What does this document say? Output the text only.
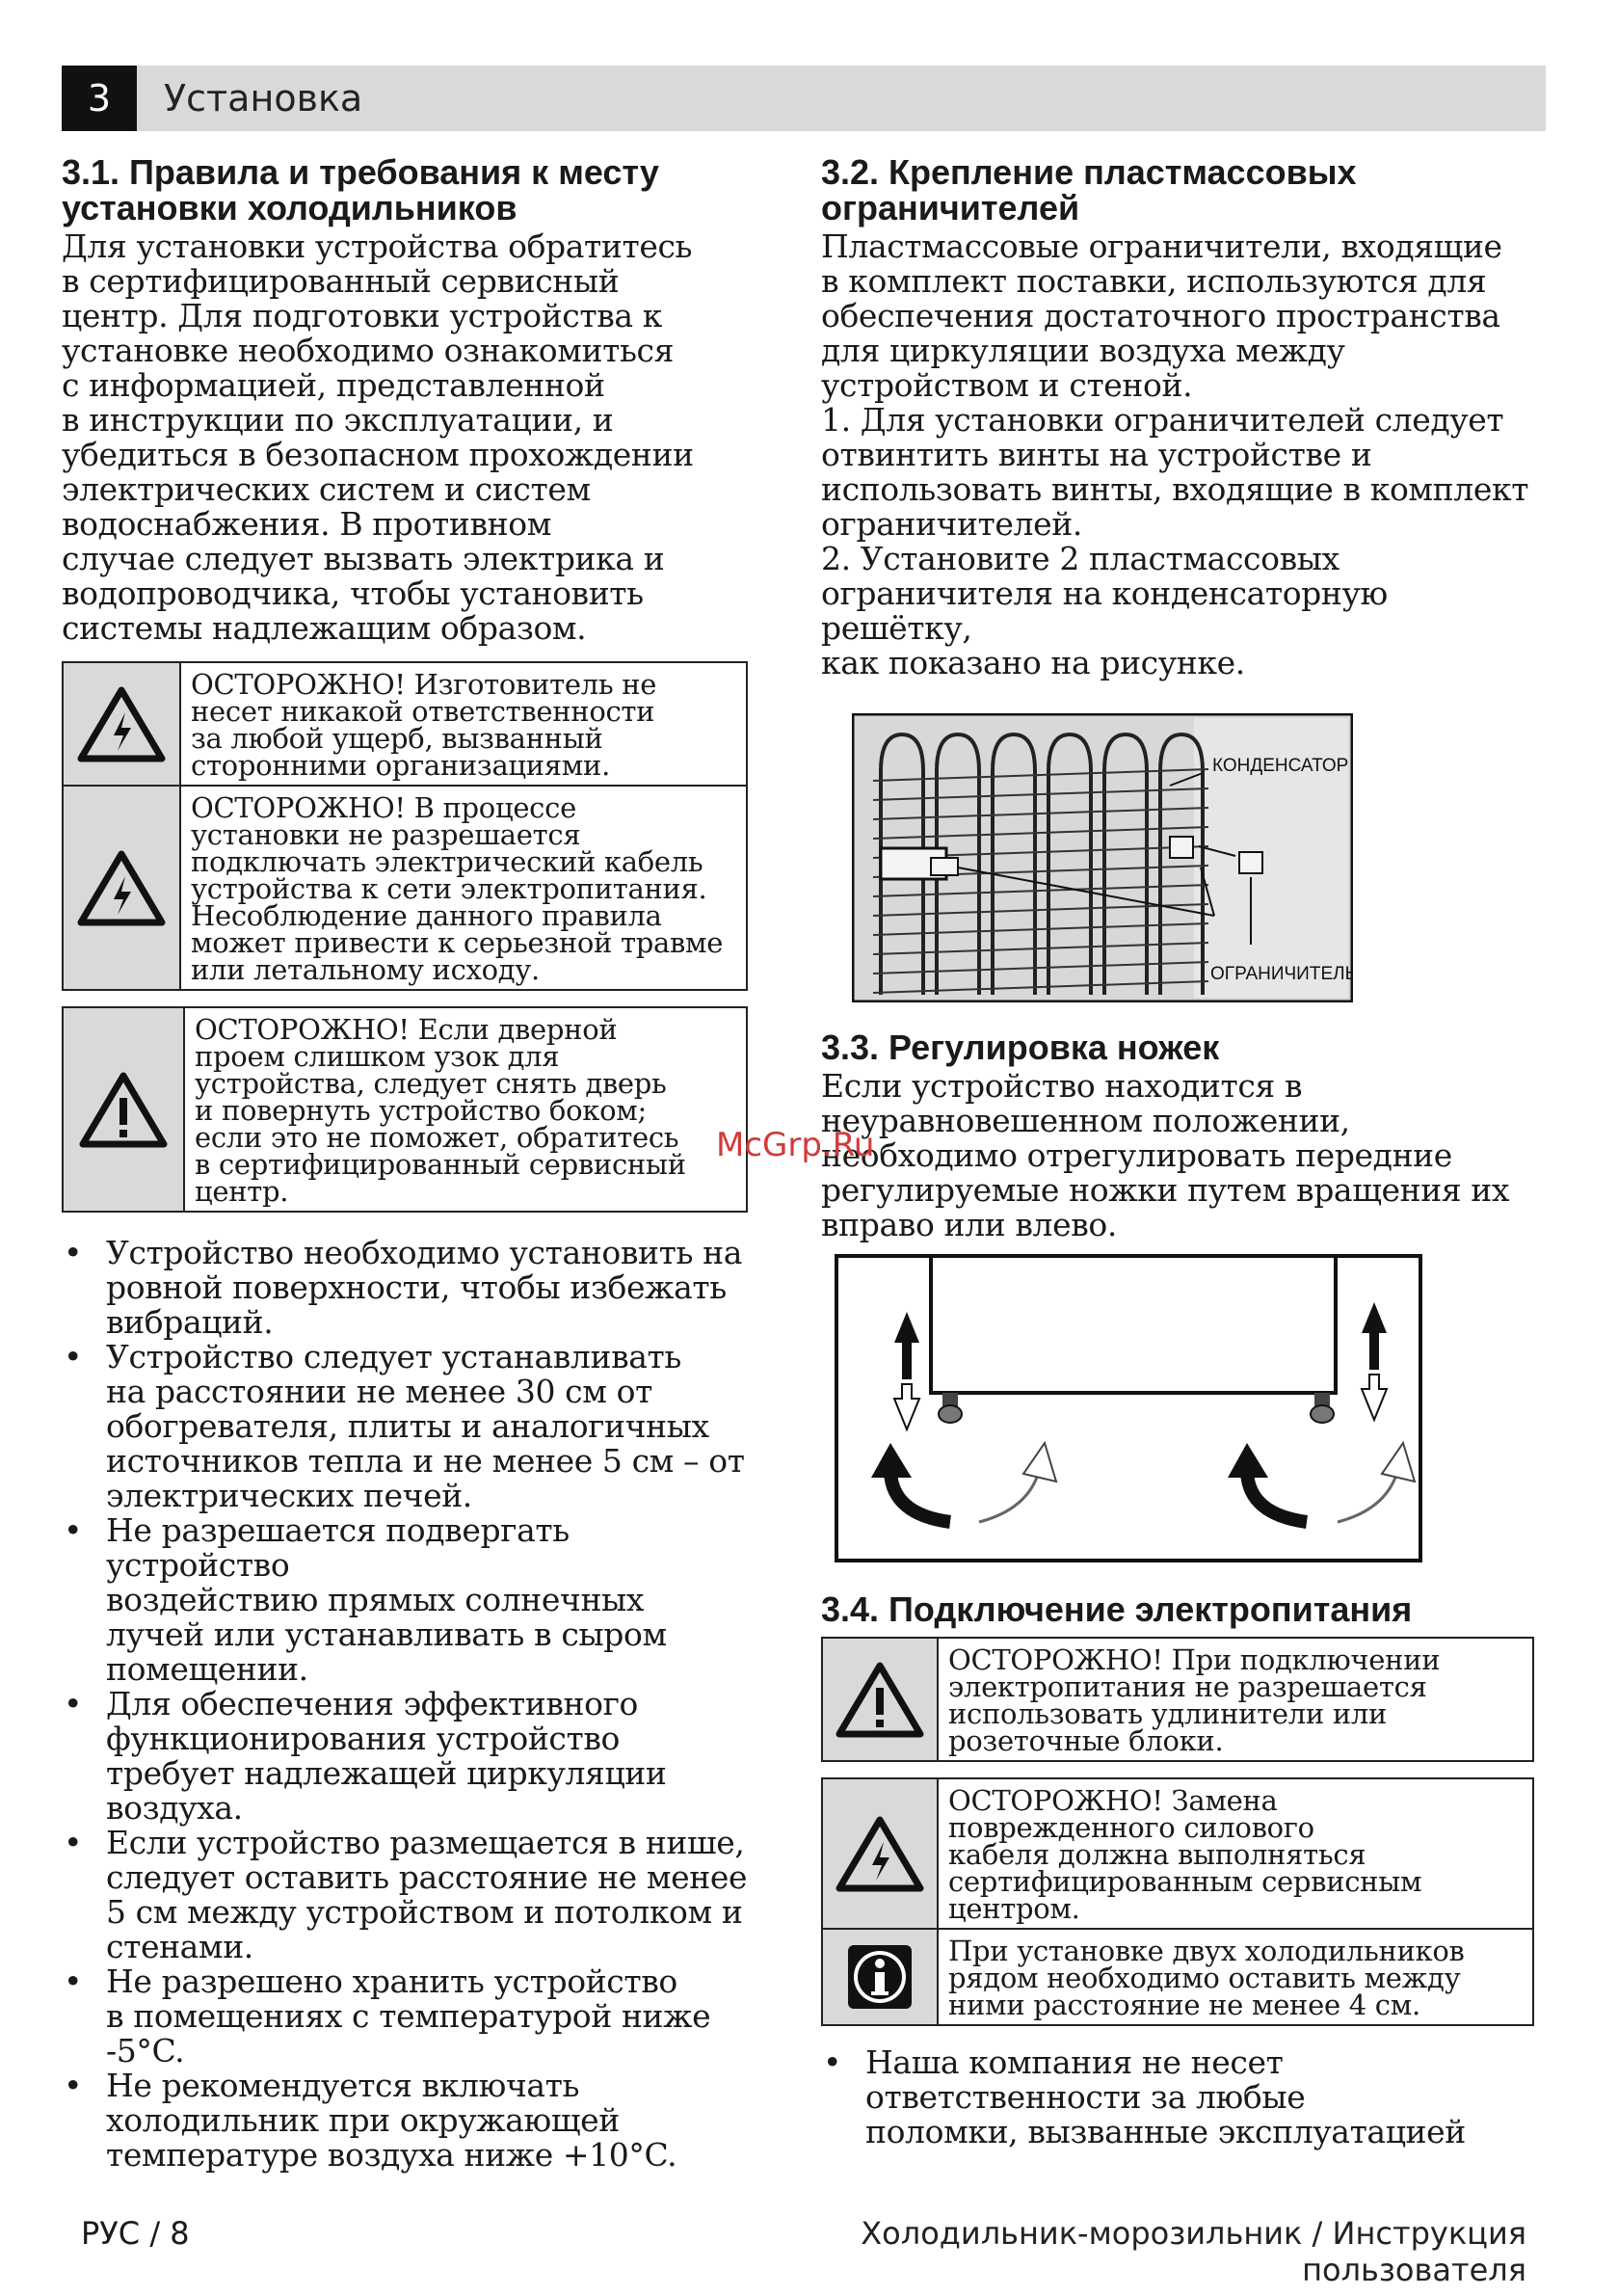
3	Установка
3.1. Правила и требования к месту установки холодильников
Для установки устройства обратитесь
в сертифицированный сервисный
центр. Для подготовки устройства к
установке необходимо ознакомиться
с информацией, представленной
в инструкции по эксплуатации, и
убедиться в безопасном прохождении
электрических систем и систем
водоснабжения. В противном
случае следует вызвать электрика и
водопроводчика, чтобы установить
системы надлежащим образом.
ОСТОРОЖНО! Изготовитель не
несет никакой ответственности
за любой ущерб, вызванный
сторонними организациями.
ОСТОРОЖНО! В процессе
установки не разрешается
подключать электрический кабель
устройства к сети электропитания.
Несоблюдение данного правила
может привести к серьезной травме
или летальному исходу.
ОСТОРОЖНО! Если дверной
проем слишком узок для
устройства, следует снять дверь
и повернуть устройство боком;
если это не поможет, обратитесь
в сертифицированный сервисный
центр.
• Устройство необходимо установить на
ровной поверхности, чтобы избежать
вибраций.
• Устройство следует устанавливать
на расстоянии не менее 30 см от
обогревателя, плиты и аналогичных
источников тепла и не менее 5 см – от
электрических печей.
• Не разрешается подвергать устройство
воздействию прямых солнечных
лучей или устанавливать в сыром
помещении.
• Для обеспечения эффективного
функционирования устройство
требует надлежащей циркуляции
воздуха.
• Если устройство размещается в нише,
следует оставить расстояние не менее
5 см между устройством и потолком и
стенами.
• Не разрешено хранить устройство
в помещениях с температурой ниже
-5°C.
• Не рекомендуется включать
холодильник при окружающей
температуре воздуха ниже +10°C.
3.2. Крепление пластмассовых ограничителей
Пластмассовые ограничители, входящие
в комплект поставки, используются для
обеспечения достаточного пространства
для циркуляции воздуха между
устройством и стеной.
1. Для установки ограничителей следует
отвинтить винты на устройстве и
использовать винты, входящие в комплект
ограничителей.
2. Установите 2 пластмассовых
ограничителя на конденсаторную решётку,
как показано на рисунке.
КОНДЕНСАТОР
ОГРАНИЧИТЕЛЬ
3.3. Регулировка ножек
Если устройство находится в
неуравновешенном положении,
необходимо отрегулировать передние
регулируемые ножки путем вращения их
вправо или влево.
3.4. Подключение электропитания
ОСТОРОЖНО! При подключении
электропитания не разрешается
использовать удлинители или
розеточные блоки.
ОСТОРОЖНО! Замена
поврежденного силового
кабеля должна выполняться
сертифицированным сервисным
центром.
При установке двух холодильников
рядом необходимо оставить между
ними расстояние не менее 4 см.
• Наша компания не несет
ответственности за любые
поломки, вызванные эксплуатацией
McGrp.Ru
РУС / 8	Холодильник-морозильник / Инструкция пользователя
